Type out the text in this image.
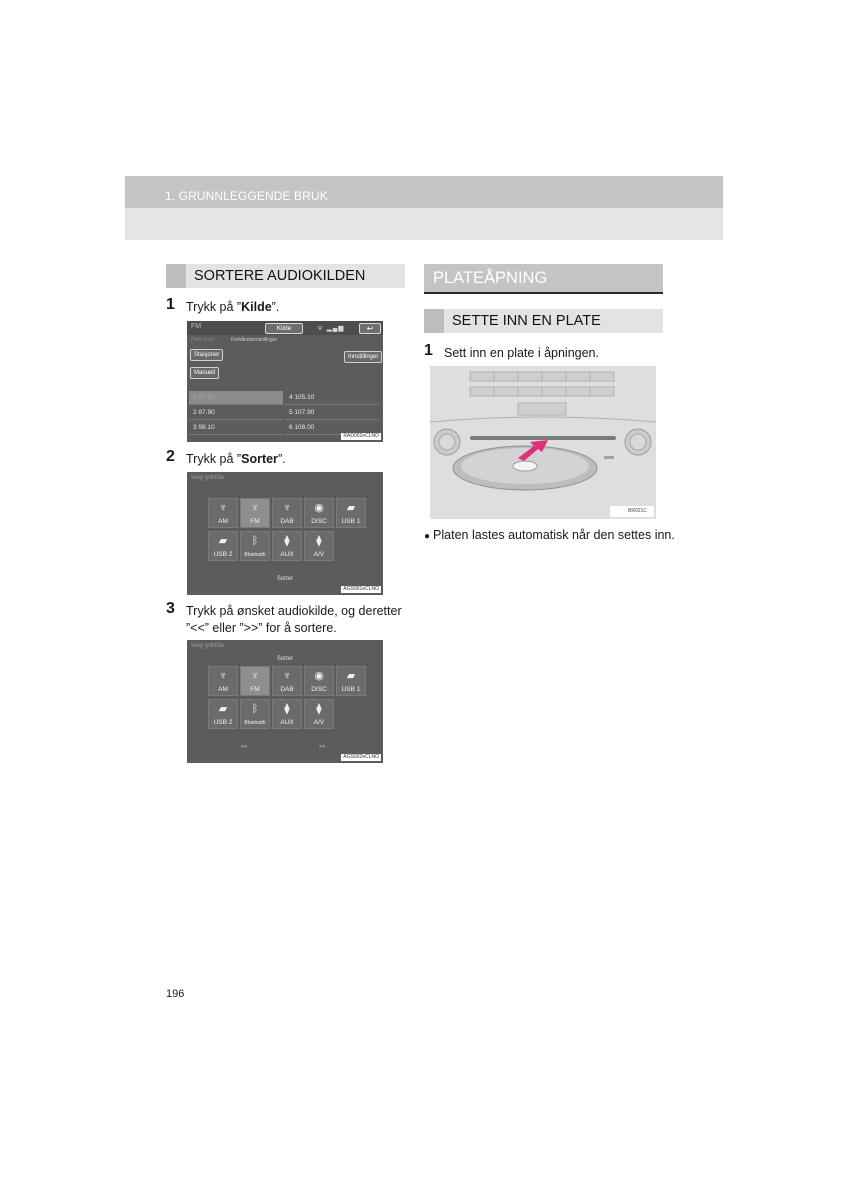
1. GRUNNLEGGENDE BRUK
SORTERE AUDIOKILDEN
1 Trykk på ”Kilde”.
FM	Kilde	ᯤ ▂▄▆	↩
Path seed	Forhåndsinnstillinger
Stasjoner
Manuell
Innstillinger
1 87.50	4 105.10
2 87.90	5 107.90
3 98.10	6 108.00
RAD002eCLNO
2 Trykk på ”Sorter”.
Velg lydkilde
♆
AM
♆
FM
♆
DAB
◉
DISC
▰
USB 1
▰
USB 2
ᛒ
Bluetooth
⧫
AUX
⧫
A/V
Sorter
AGS001eCLNO
3 Trykk på ønsket audiokilde, og deretter
”<<” eller ”>>” for å sortere.
Velg lydkilde
Sorter
♆
AM
♆
FM
♆
DAB
◉
DISC
▰
USB 1
▰
USB 2
ᛒ
Bluetooth
⧫
AUX
⧫
A/V
<<	>>
AGS002eCLNO
PLATEÅPNING
SETTE INN EN PLATE
1 Sett inn en plate i åpningen.
BR021C
● Platen lastes automatisk når den settes inn.
196
